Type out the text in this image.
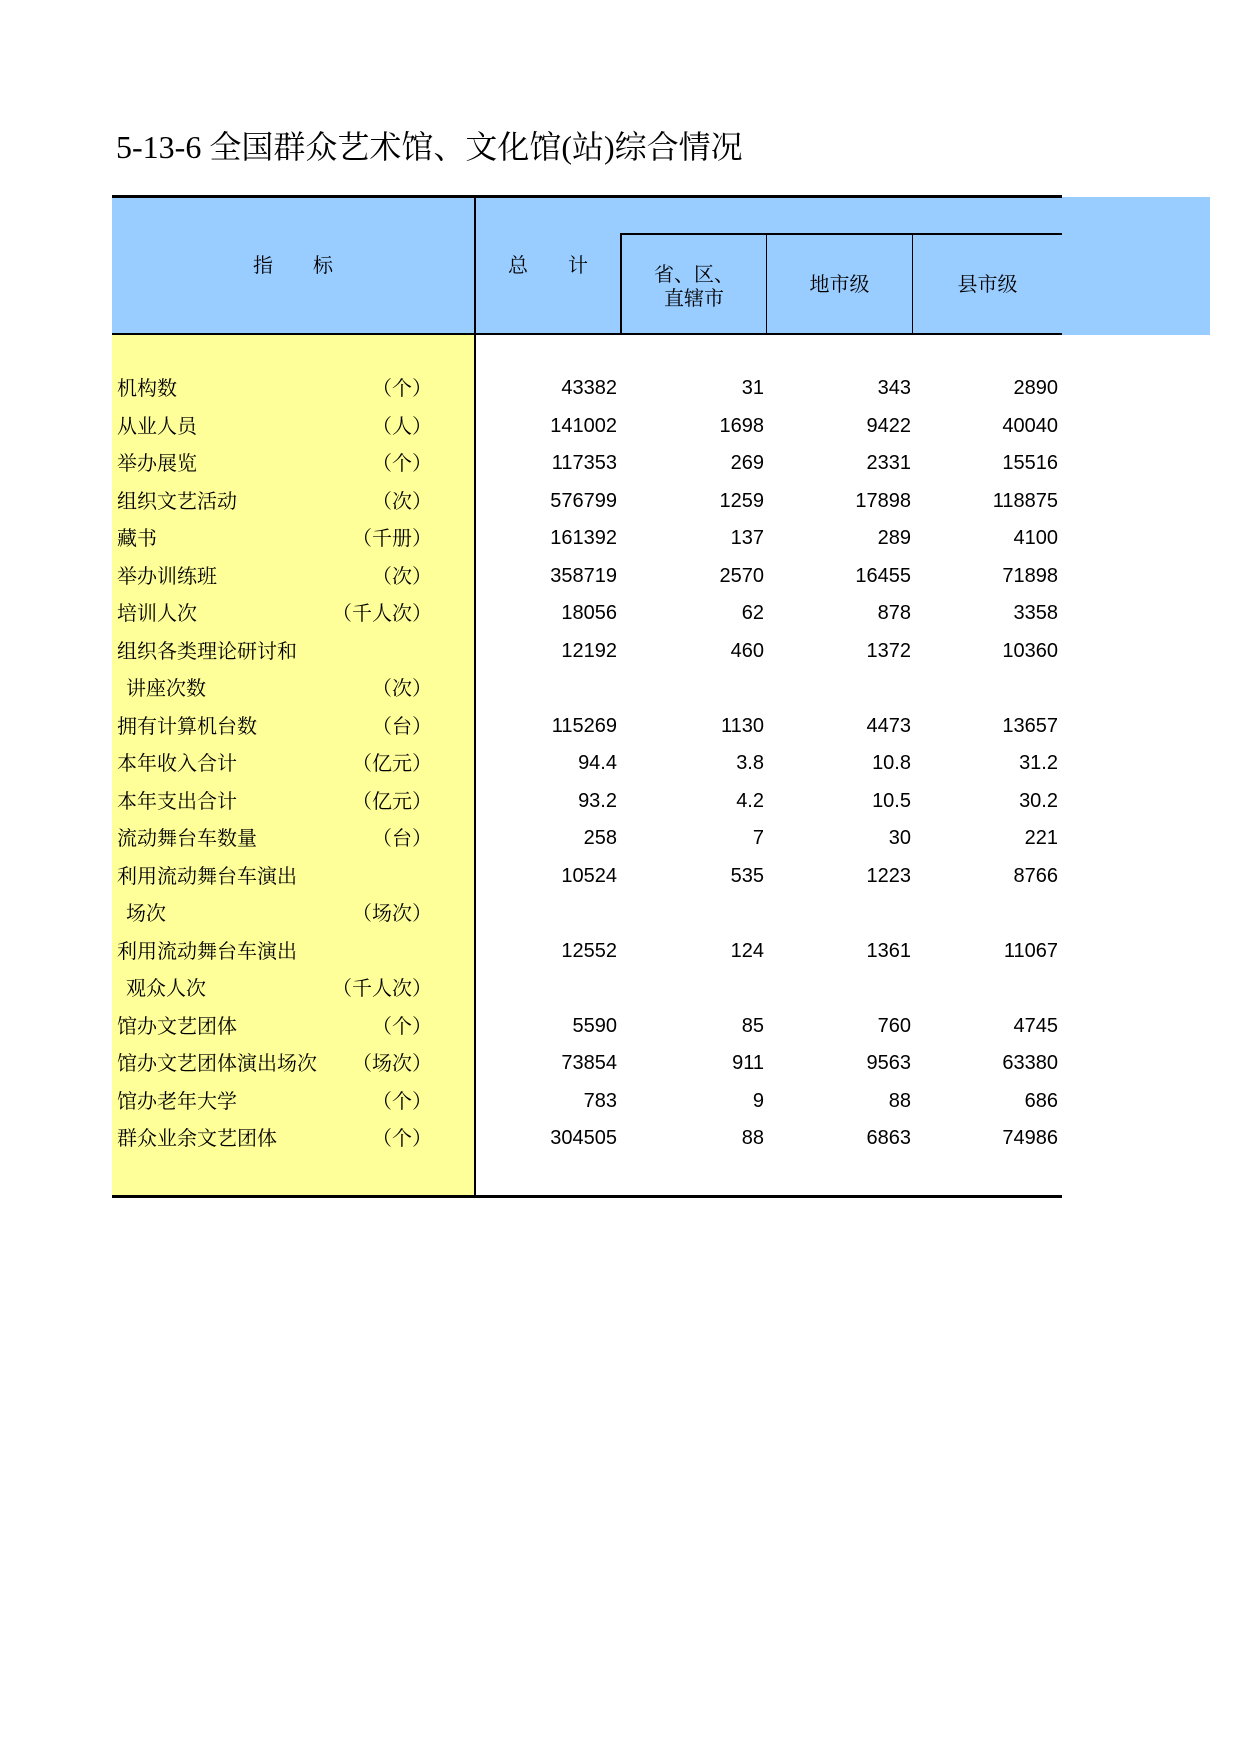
5-13-6 全国群众艺术馆、文化馆(站)综合情况
指　　标	总　　计	省、区、
直辖市
地市级	县市级
机构数	（个）	43382	31	343	2890
从业人员	（人）	141002	1698	9422	40040
举办展览	（个）	117353	269	2331	15516
组织文艺活动	（次）	576799	1259	17898	118875
藏书	（千册）	161392	137	289	4100
举办训练班	（次）	358719	2570	16455	71898
培训人次	（千人次）	18056	62	878	3358
组织各类理论研讨和	12192	460	1372	10360
讲座次数	（次）
拥有计算机台数	（台）	115269	1130	4473	13657
本年收入合计	（亿元）	94.4	3.8	10.8	31.2
本年支出合计	（亿元）	93.2	4.2	10.5	30.2
流动舞台车数量	（台）	258	7	30	221
利用流动舞台车演出	10524	535	1223	8766
场次	（场次）
利用流动舞台车演出	12552	124	1361	11067
观众人次	（千人次）
馆办文艺团体	（个）	5590	85	760	4745
馆办文艺团体演出场次 （场次）	73854	911	9563	63380
馆办老年大学	（个）	783	9	88	686
群众业余文艺团体	（个）	304505	88	6863	74986
